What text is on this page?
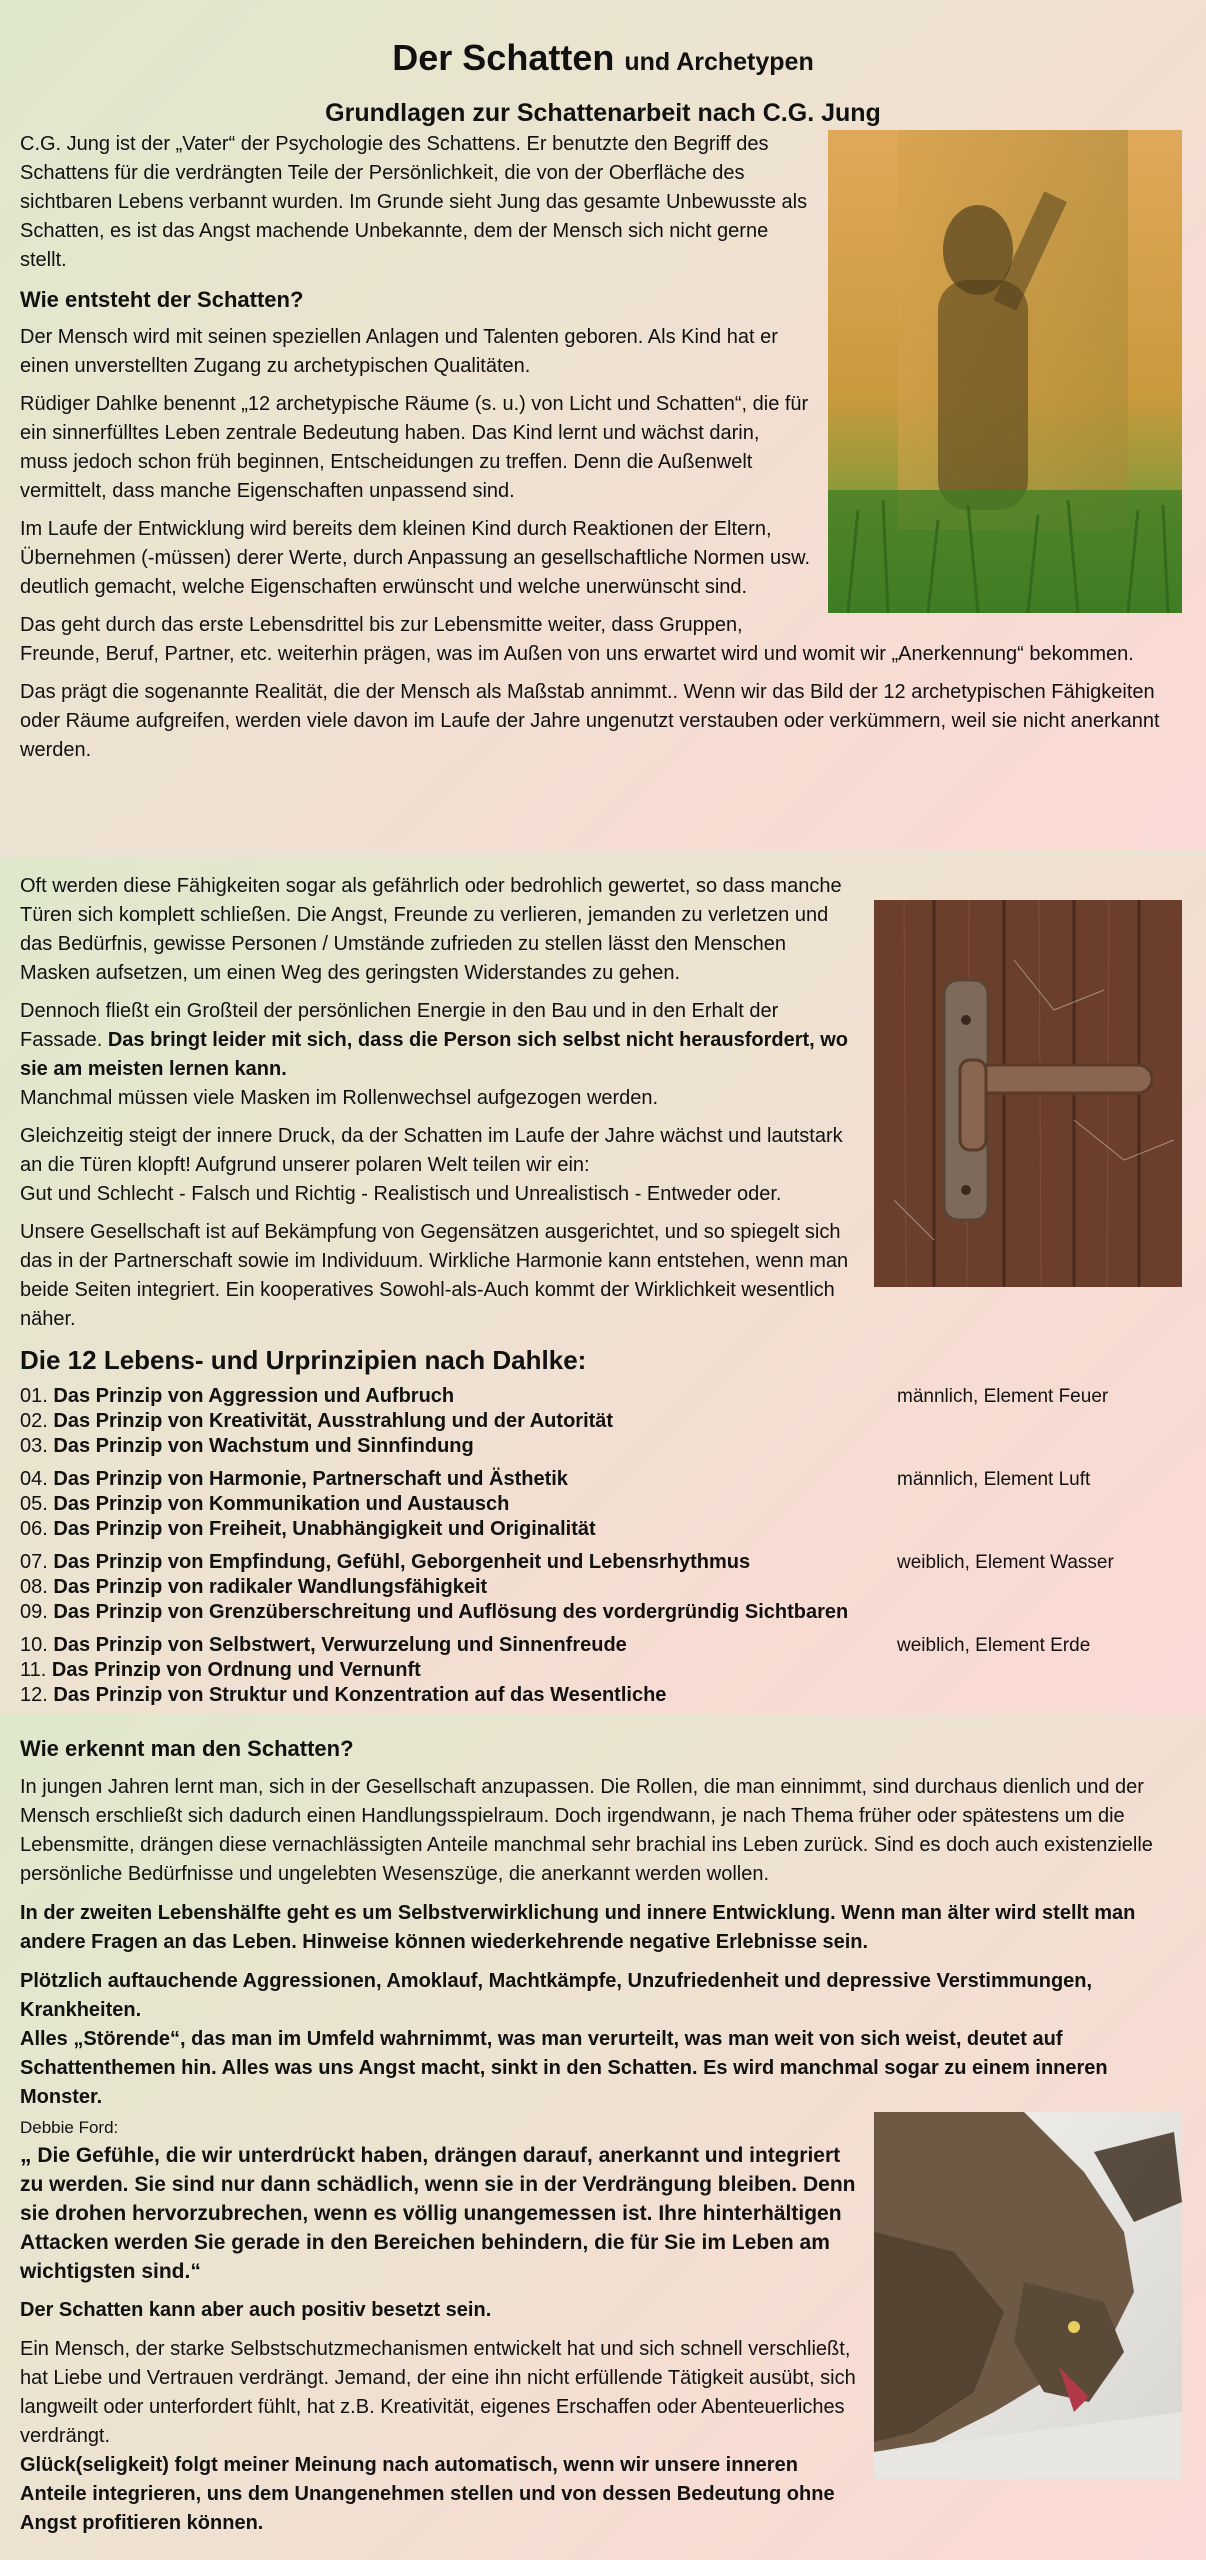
Der Schatten und Archetypen
Grundlagen zur Schattenarbeit nach C.G. Jung

C.G. Jung ist der „Vater“ der Psychologie des Schattens. Er benutzte den Begriff des Schattens für die verdrängten Teile der Persönlichkeit, die von der Oberfläche des sichtbaren Lebens verbannt wurden. Im Grunde sieht Jung das gesamte Unbewusste als Schatten, es ist das Angst machende Unbekannte, dem der Mensch sich nicht gerne stellt.

Wie entsteht der Schatten?

Der Mensch wird mit seinen speziellen Anlagen und Talenten geboren. Als Kind hat er einen unverstellten Zugang zu archetypischen Qualitäten.

Rüdiger Dahlke benennt „12 archetypische Räume (s. u.) von Licht und Schatten“, die für ein sinnerfülltes Leben zentrale Bedeutung haben. Das Kind lernt und wächst darin, muss jedoch schon früh beginnen, Entscheidungen zu treffen. Denn die Außenwelt vermittelt, dass manche Eigenschaften unpassend sind.

Im Laufe der Entwicklung wird bereits dem kleinen Kind durch Reaktionen der Eltern, Übernehmen (-müssen) derer Werte, durch Anpassung an gesellschaftliche Normen usw. deutlich gemacht, welche Eigenschaften erwünscht und welche unerwünscht sind.

Das geht durch das erste Lebensdrittel bis zur Lebensmitte weiter, dass Gruppen, Freunde, Beruf, Partner, etc. weiterhin prägen, was im Außen von uns erwartet wird und womit wir „Anerkennung“ bekommen.

Das prägt die sogenannte Realität, die der Mensch als Maßstab annimmt.. Wenn wir das Bild der 12 archetypischen Fähigkeiten oder Räume aufgreifen, werden viele davon im Laufe der Jahre ungenutzt verstauben oder verkümmern, weil sie nicht anerkannt werden.

Oft werden diese Fähigkeiten sogar als gefährlich oder bedrohlich gewertet, so dass manche Türen sich komplett schließen. Die Angst, Freunde zu verlieren, jemanden zu verletzen und das Bedürfnis, gewisse Personen / Umstände zufrieden zu stellen lässt den Menschen Masken aufsetzen, um einen Weg des geringsten Widerstandes zu gehen.

Dennoch fließt ein Großteil der persönlichen Energie in den Bau und in den Erhalt der Fassade. Das bringt leider mit sich, dass die Person sich selbst nicht herausfordert, wo sie am meisten lernen kann.
Manchmal müssen viele Masken im Rollenwechsel aufgezogen werden.

Gleichzeitig steigt der innere Druck, da der Schatten im Laufe der Jahre wächst und lautstark an die Türen klopft! Aufgrund unserer polaren Welt teilen wir ein:
Gut und Schlecht - Falsch und Richtig - Realistisch und Unrealistisch - Entweder oder.

Unsere Gesellschaft ist auf Bekämpfung von Gegensätzen ausgerichtet, und so spiegelt sich das in der Partnerschaft sowie im Individuum. Wirkliche Harmonie kann entstehen, wenn man beide Seiten integriert. Ein kooperatives Sowohl-als-Auch kommt der Wirklichkeit wesentlich näher.

Die 12 Lebens- und Urprinzipien nach Dahlke:
01. Das Prinzip von Aggression und Aufbruch	männlich, Element Feuer
02. Das Prinzip von Kreativität, Ausstrahlung und der Autorität
03. Das Prinzip von Wachstum und Sinnfindung
04. Das Prinzip von Harmonie, Partnerschaft und Ästhetik	männlich, Element Luft
05. Das Prinzip von Kommunikation und Austausch
06. Das Prinzip von Freiheit, Unabhängigkeit und Originalität
07. Das Prinzip von Empfindung, Gefühl, Geborgenheit und Lebensrhythmus	weiblich, Element Wasser
08. Das Prinzip von radikaler Wandlungsfähigkeit
09. Das Prinzip von Grenzüberschreitung und Auflösung des vordergründig Sichtbaren
10. Das Prinzip von Selbstwert, Verwurzelung und Sinnenfreude	weiblich, Element Erde
11. Das Prinzip von Ordnung und Vernunft
12. Das Prinzip von Struktur und Konzentration auf das Wesentliche
Wie erkennt man den Schatten?

In jungen Jahren lernt man, sich in der Gesellschaft anzupassen. Die Rollen, die man einnimmt, sind durchaus dienlich und der Mensch erschließt sich dadurch einen Handlungsspielraum. Doch irgendwann, je nach Thema früher oder spätestens um die Lebensmitte, drängen diese vernachlässigten Anteile manchmal sehr brachial ins Leben zurück. Sind es doch auch existenzielle persönliche Bedürfnisse und ungelebten Wesenszüge, die anerkannt werden wollen.

In der zweiten Lebenshälfte geht es um Selbstverwirklichung und innere Entwicklung. Wenn man älter wird stellt man andere Fragen an das Leben. Hinweise können wiederkehrende negative Erlebnisse sein.

Plötzlich auftauchende Aggressionen, Amoklauf, Machtkämpfe, Unzufriedenheit und depressive Verstimmungen, Krankheiten.
Alles „Störende“, das man im Umfeld wahrnimmt, was man verurteilt, was man weit von sich weist, deutet auf Schattenthemen hin. Alles was uns Angst macht, sinkt in den Schatten. Es wird manchmal sogar zu einem inneren Monster.

Debbie Ford:

„ Die Gefühle, die wir unterdrückt haben, drängen darauf, anerkannt und integriert zu werden. Sie sind nur dann schädlich, wenn sie in der Verdrängung bleiben. Denn sie drohen hervorzubrechen, wenn es völlig unangemessen ist. Ihre hinterhältigen Attacken werden Sie gerade in den Bereichen behindern, die für Sie im Leben am wichtigsten sind.“

Der Schatten kann aber auch positiv besetzt sein.

Ein Mensch, der starke Selbstschutzmechanismen entwickelt hat und sich schnell verschließt, hat Liebe und Vertrauen verdrängt. Jemand, der eine ihn nicht erfüllende Tätigkeit ausübt, sich langweilt oder unterfordert fühlt, hat z.B. Kreativität, eigenes Erschaffen oder Abenteuerliches verdrängt.

Glück(seligkeit) folgt meiner Meinung nach automatisch, wenn wir unsere inneren Anteile integrieren, uns dem Unangenehmen stellen und von dessen Bedeutung ohne Angst profitieren können.
